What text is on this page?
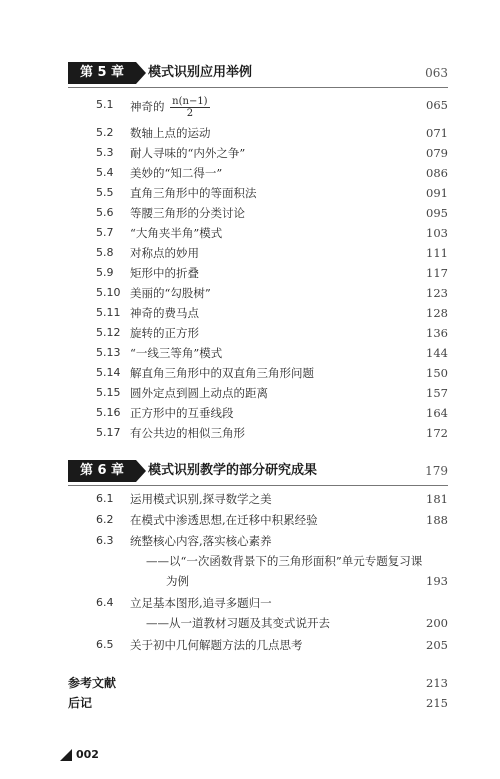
第 5 章	模式识别应用举例	063
5.1 神奇的 $\frac{n(n-1)}{2}$	065
5.2 数轴上点的运动	071
5.3 耐人寻味的“内外之争”	079
5.4 美妙的“知二得一”	086
5.5 直角三角形中的等面积法	091
5.6 等腰三角形的分类讨论	095
5.7 “大角夹半角”模式	103
5.8 对称点的妙用	111
5.9 矩形中的折叠	117
5.10 美丽的“勾股树”	123
5.11 神奇的费马点	128
5.12 旋转的正方形	136
5.13 “一线三等角”模式	144
5.14 解直角三角形中的双直角三角形问题	150
5.15 圆外定点到圆上动点的距离	157
5.16 正方形中的互垂线段	164
5.17 有公共边的相似三角形	172
第 6 章	模式识别教学的部分研究成果	179
6.1 运用模式识别,探寻数学之美	181
6.2 在模式中渗透思想,在迁移中积累经验	188
6.3 统整核心内容,落实核心素养
——以“一次函数背景下的三角形面积”单元专题复习课
为例	193
6.4 立足基本图形,追寻多题归一
——从一道教材习题及其变式说开去	200
6.5 关于初中几何解题方法的几点思考	205
参考文献	213
后记	215
002
